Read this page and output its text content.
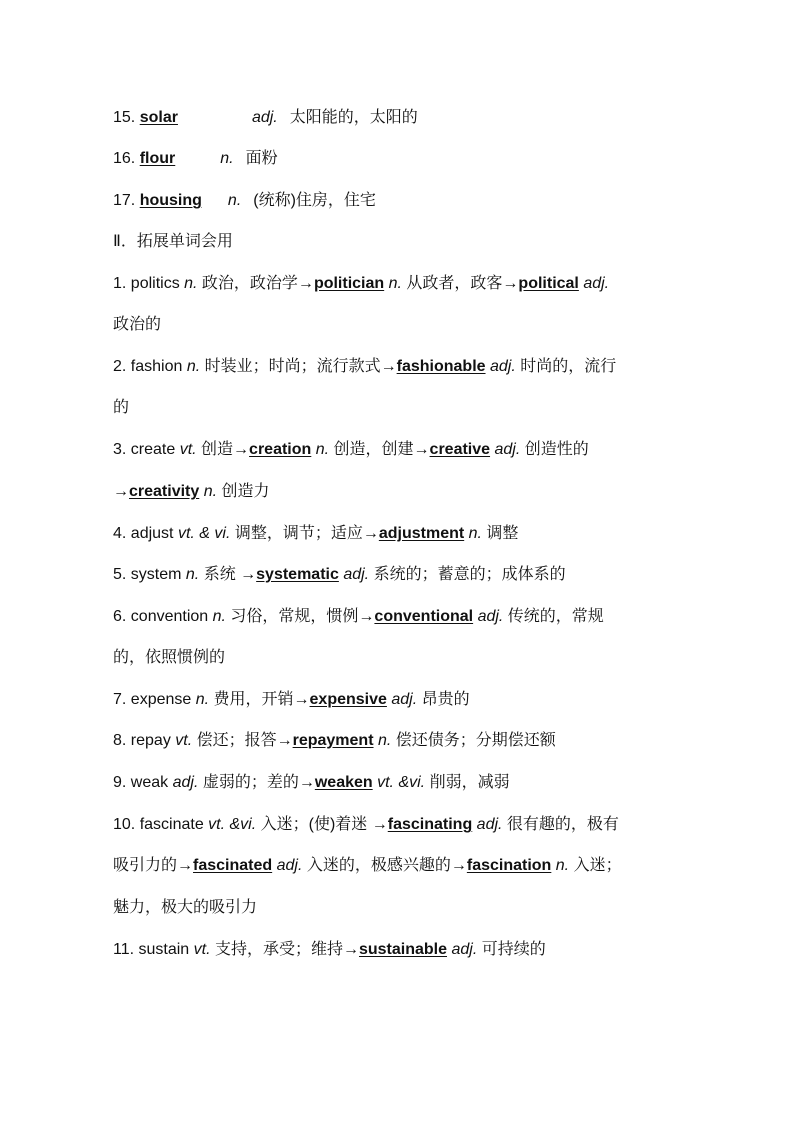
15. solar	adj. 太阳能的，太阳的
16. flour	n. 面粉
17. housing n. (统称)住房，住宅
Ⅱ．拓展单词会用
1. politics n. 政治，政治学→politician n. 从政者，政客→political adj.
政治的
2. fashion n. 时装业；时尚；流行款式→fashionable adj. 时尚的，流行
的
3. create vt. 创造→creation n. 创造，创建→creative adj. 创造性的
→creativity n. 创造力
4. adjust vt. & vi. 调整，调节；适应→adjustment n. 调整
5. system n. 系统 →systematic adj. 系统的；蓄意的；成体系的
6. convention n. 习俗，常规，惯例→conventional adj. 传统的，常规
的，依照惯例的
7. expense n. 费用，开销→expensive adj. 昂贵的
8. repay vt. 偿还；报答→repayment n. 偿还债务；分期偿还额
9. weak adj. 虚弱的；差的→weaken vt. &vi. 削弱，减弱
10. fascinate vt. &vi. 入迷；(使)着迷 →fascinating adj. 很有趣的，极有
吸引力的→fascinated adj. 入迷的，极感兴趣的→fascination n. 入迷；
魅力，极大的吸引力
11. sustain vt. 支持，承受；维持→sustainable adj. 可持续的
